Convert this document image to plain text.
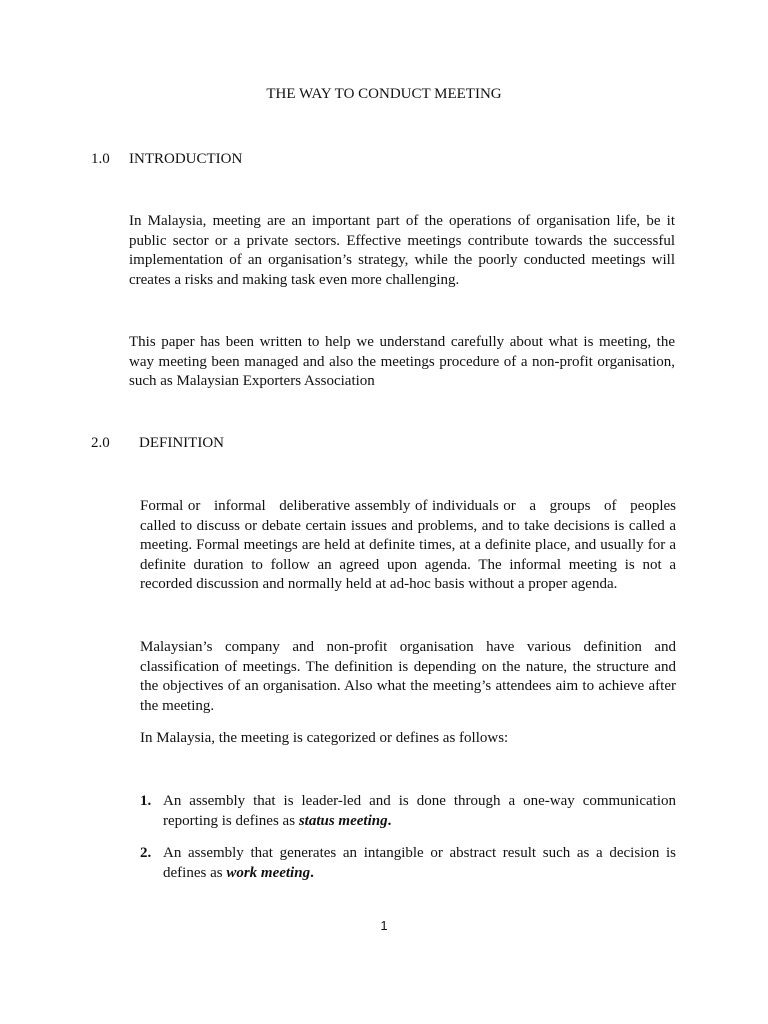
THE WAY TO CONDUCT MEETING
1.0 INTRODUCTION

In Malaysia, meeting are an important part of the operations of organisation life, be it public sector or a private sectors. Effective meetings contribute towards the successful implementation of an organisation’s strategy, while the poorly conducted meetings will creates a risks and making task even more challenging.

This paper has been written to help we understand carefully about what is meeting, the way meeting been managed and also the meetings procedure of a non-profit organisation, such as Malaysian Exporters Association

2.0 DEFINITION

Formal or   informal   deliberative assembly of individuals or   a   groups   of   peoples called to discuss or debate certain issues and problems, and to take decisions is called a meeting. Formal meetings are held at definite times, at a definite place, and usually for a definite duration to follow an agreed upon agenda. The informal meeting is not a recorded discussion and normally held at ad-hoc basis without a proper agenda.

Malaysian’s company and non-profit organisation have various definition and classification of meetings. The definition is depending on the nature, the structure and the objectives of an organisation. Also what the meeting’s attendees aim to achieve after the meeting.

In Malaysia, the meeting is categorized or defines as follows:

1. An assembly that is leader-led and is done through a one-way communication reporting is defines as status meeting.
2. An assembly that generates an intangible or abstract result such as a decision is defines as work meeting.
1
